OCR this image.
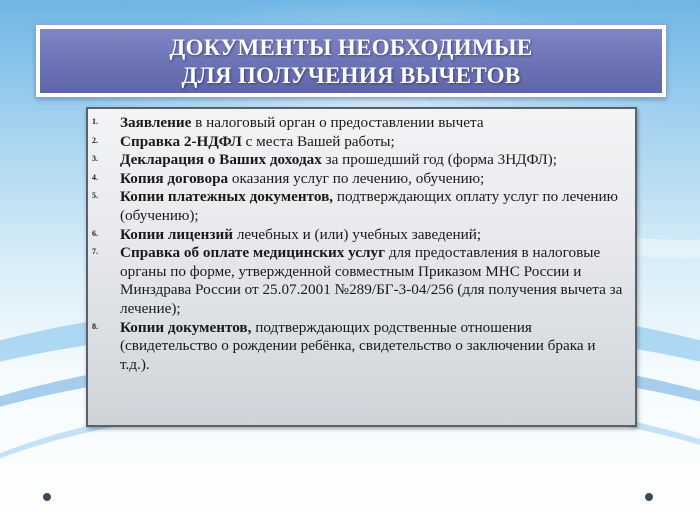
ДОКУМЕНТЫ НЕОБХОДИМЫЕ
ДЛЯ ПОЛУЧЕНИЯ ВЫЧЕТОВ
1. Заявление в налоговый орган о предоставлении вычета
2. Справка 2-НДФЛ с места Вашей работы;
3. Декларация о Ваших доходах за прошедший год (форма 3НДФЛ);
4. Копия договора оказания услуг по лечению, обучению;
5. Копии платежных документов, подтверждающих оплату услуг по лечению (обучению);
6. Копии лицензий лечебных и (или) учебных заведений;
7. Справка об оплате медицинских услуг для предоставления в налоговые органы по форме, утвержденной совместным Приказом МНС России и Минздрава России от 25.07.2001 №289/БГ-3-04/256 (для получения вычета за лечение);
8. Копии документов, подтверждающих родственные отношения (свидетельство о рождении ребёнка, свидетельство о заключении брака и т.д.).
